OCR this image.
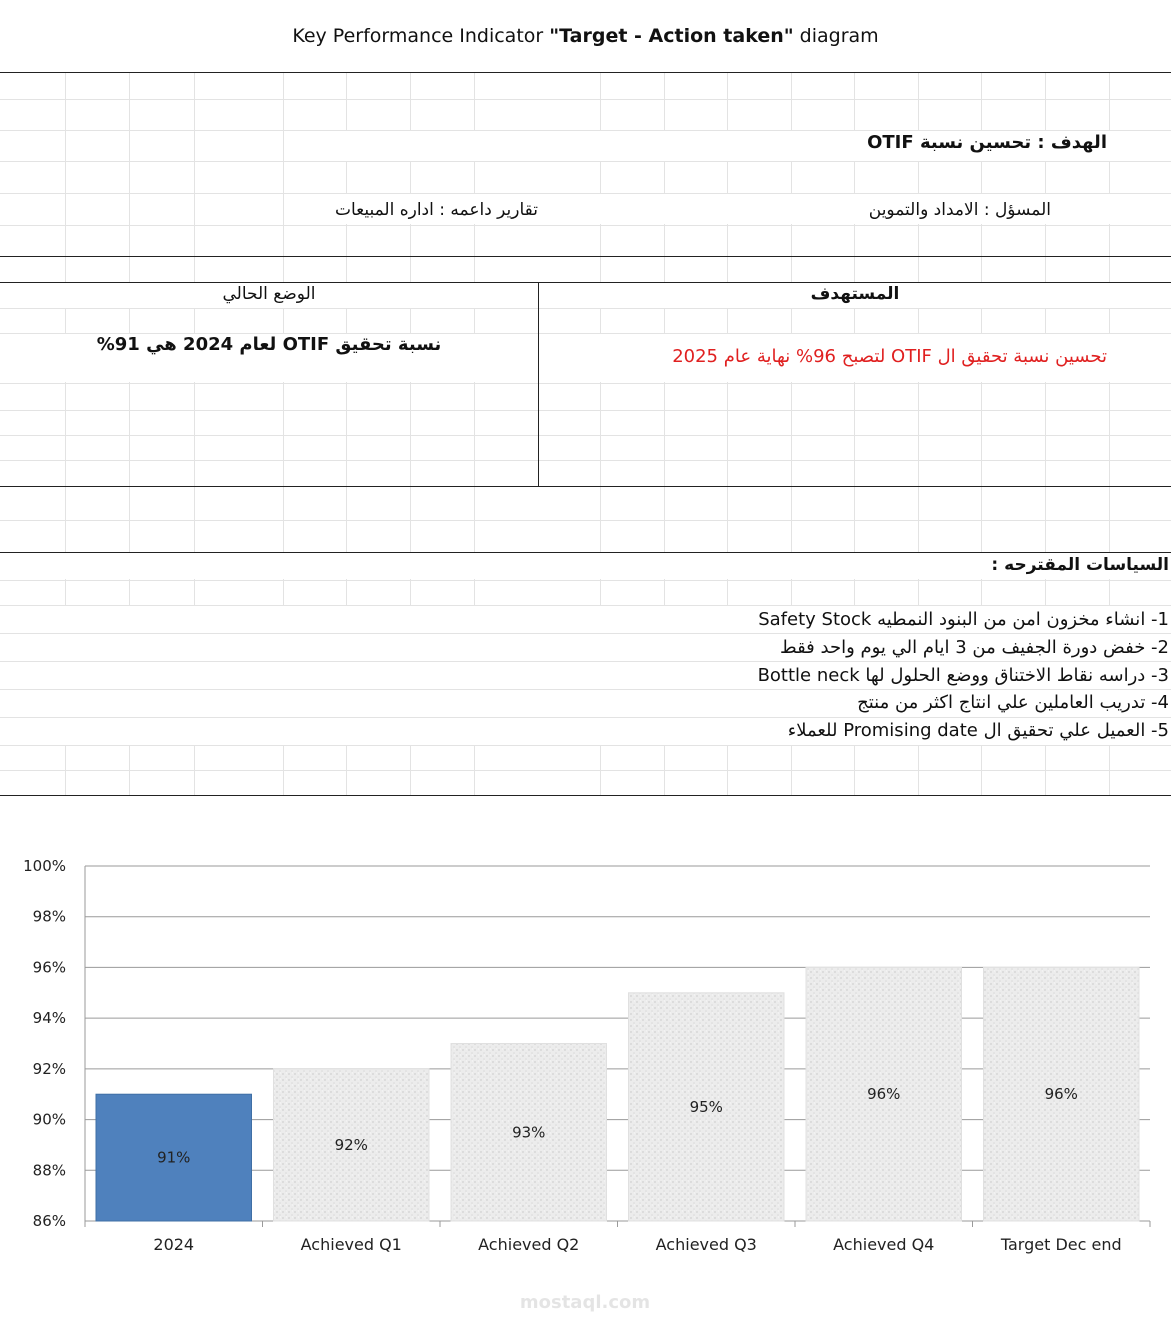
Key Performance Indicator "Target - Action taken" diagram
الهدف : تحسين نسبة OTIF
المسؤل : الامداد والتموين
تقارير داعمه : اداره المبيعات
المستهدف
الوضع الحالي
تحسين نسبة تحقيق ال OTIF لتصبح 96% نهاية عام 2025
نسبة تحقيق OTIF لعام 2024 هي 91%
السياسات المقترحه :
1- انشاء مخزون امن من البنود النمطيه Safety Stock
2- خفض دورة الجفيف من 3 ايام الي يوم واحد فقط
3- دراسه نقاط الاختناق ووضع الحلول لها Bottle neck
4- تدريب العاملين علي انتاج اكثر من منتج
5- العميل علي تحقيق ال Promising date للعملاء
86%
88%
90%
92%
94%
96%
98%
100%
91%
2024
92%
Achieved Q1
93%
Achieved Q2
95%
Achieved Q3
96%
Achieved Q4
96%
Target Dec end
mostaql.com
